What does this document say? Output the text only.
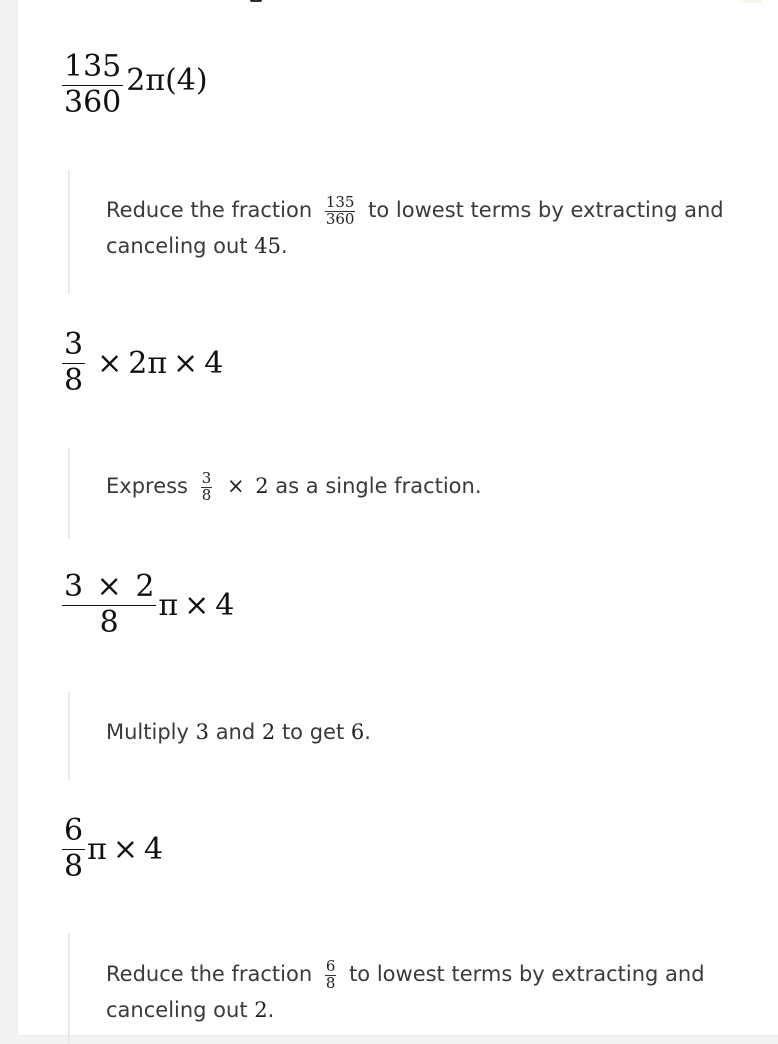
$\frac{135}{360} 2\pi(4)$
Reduce the fraction $\frac{135}{360}$ to lowest terms by extracting and
canceling out 45.
$\frac{3}{8} \times 2\pi \times 4$
Express $\frac{3}{8} \times 2$ as a single fraction.
$\frac{3 \times 2}{8}$ π × 4
Multiply 3 and 2 to get 6.
$\frac{6}{8}$ π × 4
Reduce the fraction $\frac{6}{8}$ to lowest terms by extracting and
canceling out 2.
